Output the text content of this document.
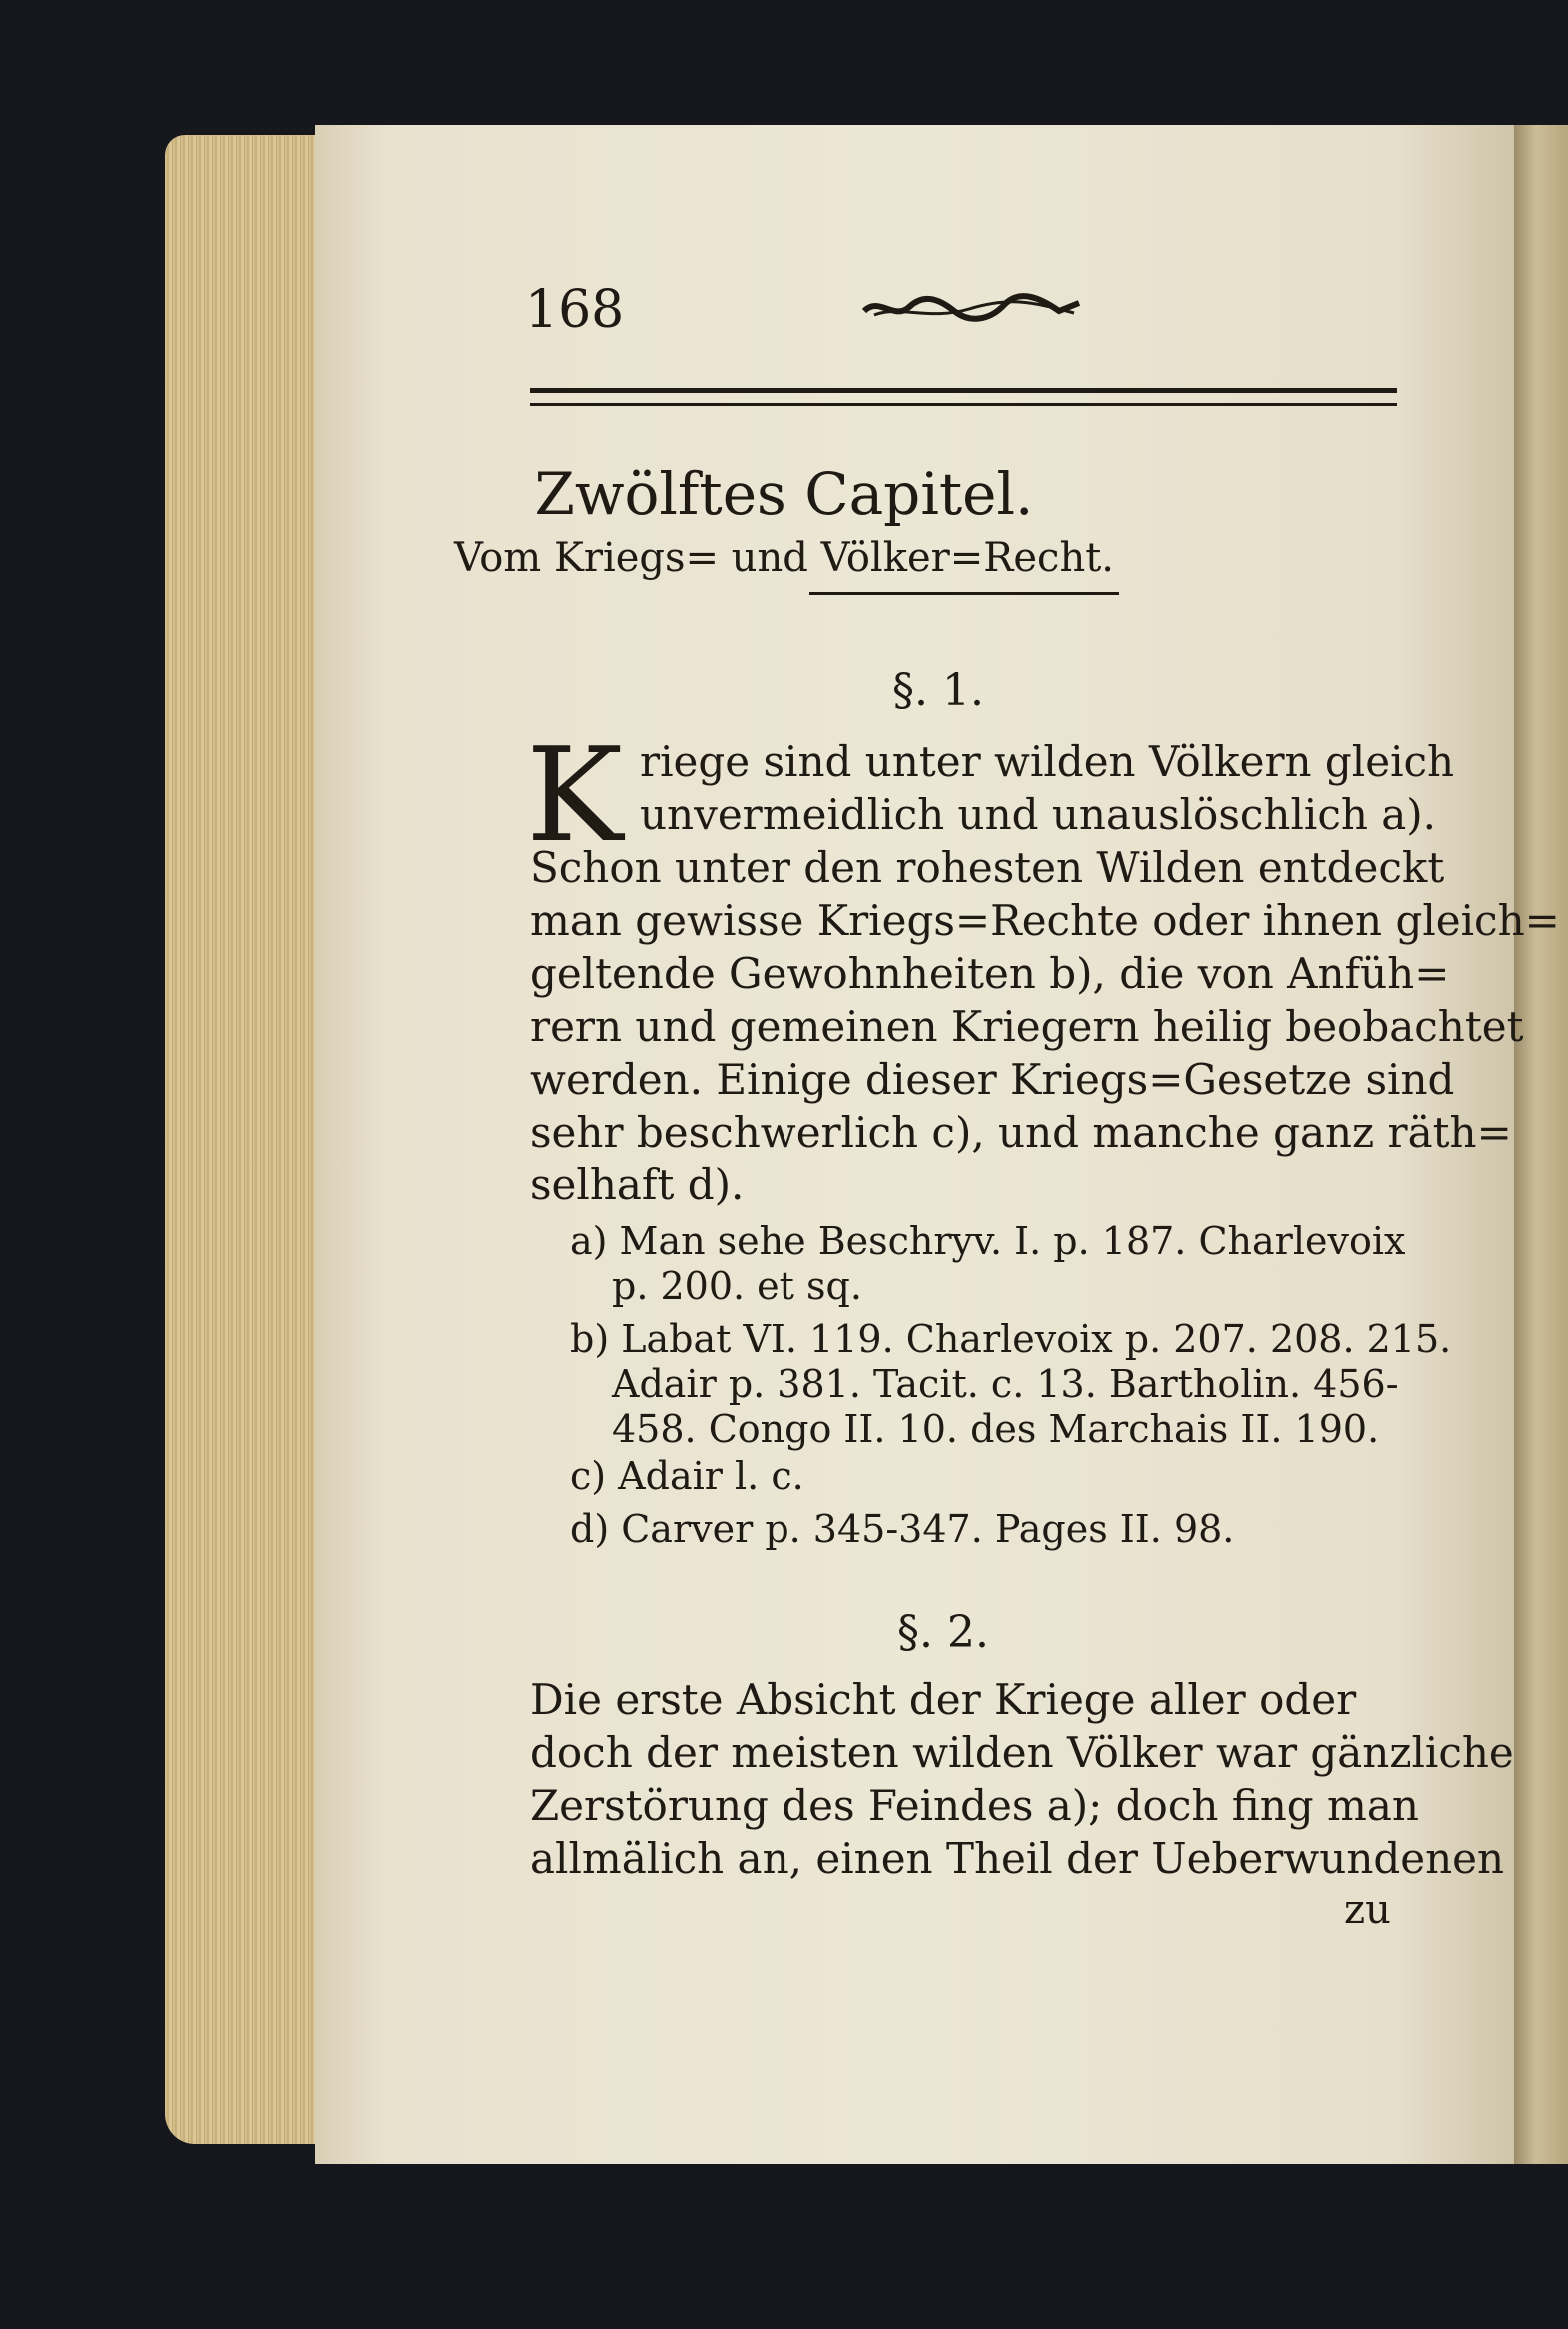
168
Zwölftes Capitel.
Vom Kriegs= und Völker=Recht.
§. 1.
K riege sind unter wilden Völkern gleich
unvermeidlich und unauslöschlich a).
Schon unter den rohesten Wilden entdeckt
man gewisse Kriegs=Rechte oder ihnen gleich=
geltende Gewohnheiten b), die von Anfüh=
rern und gemeinen Kriegern heilig beobachtet
werden. Einige dieser Kriegs=Gesetze sind
sehr beschwerlich c), und manche ganz räth=
selhaft d).
a) Man sehe Beschryv. I. p. 187. Charlevoix
p. 200. et sq.
b) Labat VI. 119. Charlevoix p. 207. 208. 215.
Adair p. 381. Tacit. c. 13. Bartholin. 456-
458. Congo II. 10. des Marchais II. 190.
c) Adair l. c.
d) Carver p. 345-347. Pages II. 98.
§. 2.
Die erste Absicht der Kriege aller oder
doch der meisten wilden Völker war gänzliche
Zerstörung des Feindes a); doch fing man
allmälich an, einen Theil der Ueberwundenen
zu
